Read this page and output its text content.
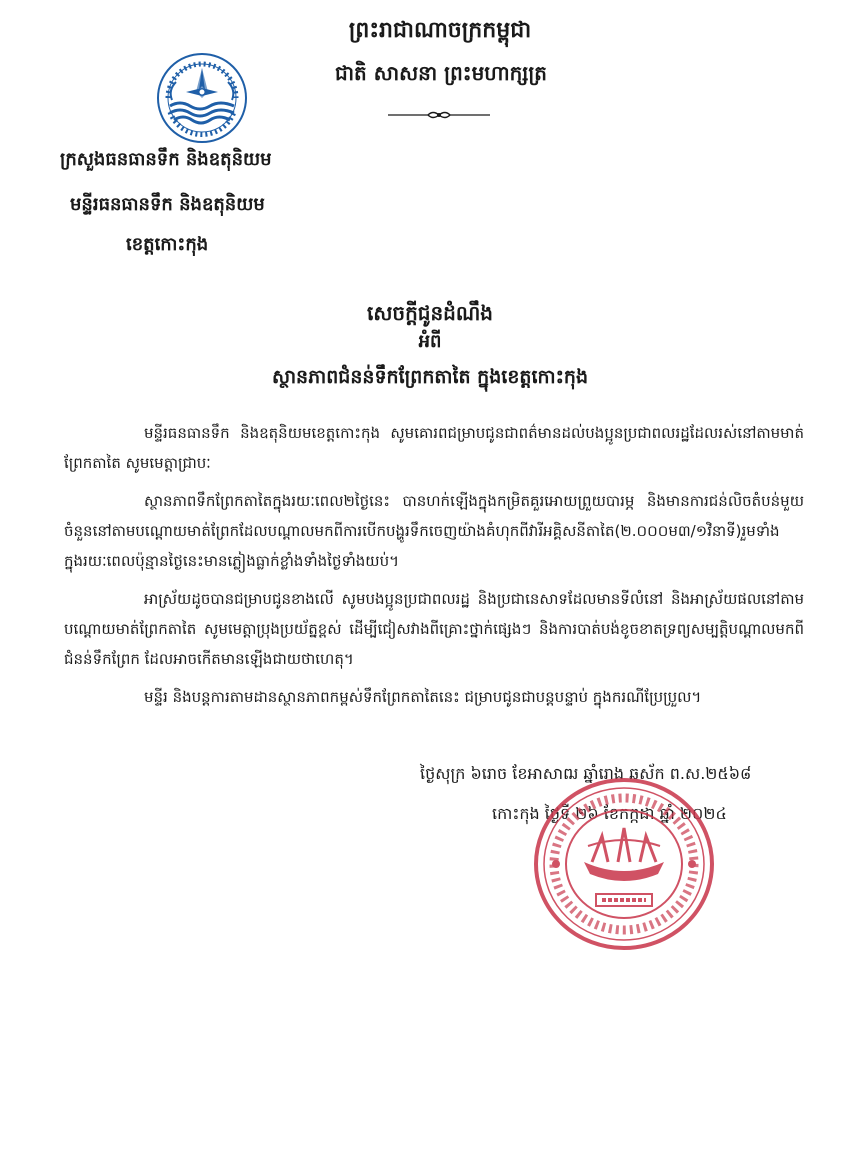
ព្រះរាជាណាចក្រកម្ពុជា
ជាតិ សាសនា ព្រះមហាក្សត្រ
ក្រសួងធនធានទឹក និងឧតុនិយម
មន្ទីរធនធានទឹក និងឧតុនិយម
ខេត្តកោះកុង
សេចក្តីជូនដំណឹង
អំពី
ស្ថានភាពជំនន់ទឹកព្រែកតាតៃ ក្នុងខេត្តកោះកុង

មន្ទីរធនធានទឹក និងឧតុនិយមខេត្តកោះកុង សូមគោរពជម្រាបជូនជាពត៌មានដល់បងប្អូនប្រជាពលរដ្ឋដែលរស់នៅតាមមាត់ព្រែកតាតៃ សូមមេត្តាជ្រាបៈ

ស្ថានភាពទឹកព្រែកតាតៃក្នុងរយៈពេល២ថ្ងៃនេះ បានហក់ឡើងក្នុងកម្រិតគួរអោយព្រួយបារម្ភ និងមានការជន់លិចតំបន់មួយចំនួននៅតាមបណ្តោយមាត់ព្រែកដែលបណ្តាលមកពីការបើកបង្ហូរទឹកចេញយ៉ាងគំហុកពីវារីអគ្គិសនីតាតៃ(២.០០០ម៣/១វិនាទី)រួមទាំងក្នុងរយៈពេលប៉ុន្មានថ្ងៃនេះមានភ្លៀងធ្លាក់ខ្លាំងទាំងថ្ងៃទាំងយប់។

អាស្រ័យដូចបានជម្រាបជូនខាងលើ សូមបងប្អូនប្រជាពលរដ្ឋ និងប្រជានេសាទដែលមានទីលំនៅ និងអាស្រ័យផលនៅតាមបណ្តោយមាត់ព្រែកតាតៃ សូមមេត្តាប្រុងប្រយ័ត្នខ្ពស់ ដើម្បីជៀសវាងពីគ្រោះថ្នាក់ផ្សេងៗ និងការបាត់បង់ខូចខាតទ្រព្យសម្បត្តិបណ្តាលមកពីជំនន់ទឹកព្រែក ដែលអាចកើតមានឡើងជាយថាហេតុ។

មន្ទីរ និងបន្តការតាមដានស្ថានភាពកម្ពស់ទឹកព្រែកតាតៃនេះ ជម្រាបជូនជាបន្តបន្ទាប់ ក្នុងករណីប្រែប្រួល។

ថ្ងៃសុក្រ ៦រោច ខែអាសាឍ ឆ្នាំរោង ឆស័ក ព.ស.២៥៦៨
កោះកុង ថ្ងៃទី ២៦ ខែកក្កដា ឆ្នាំ ២០២៤
